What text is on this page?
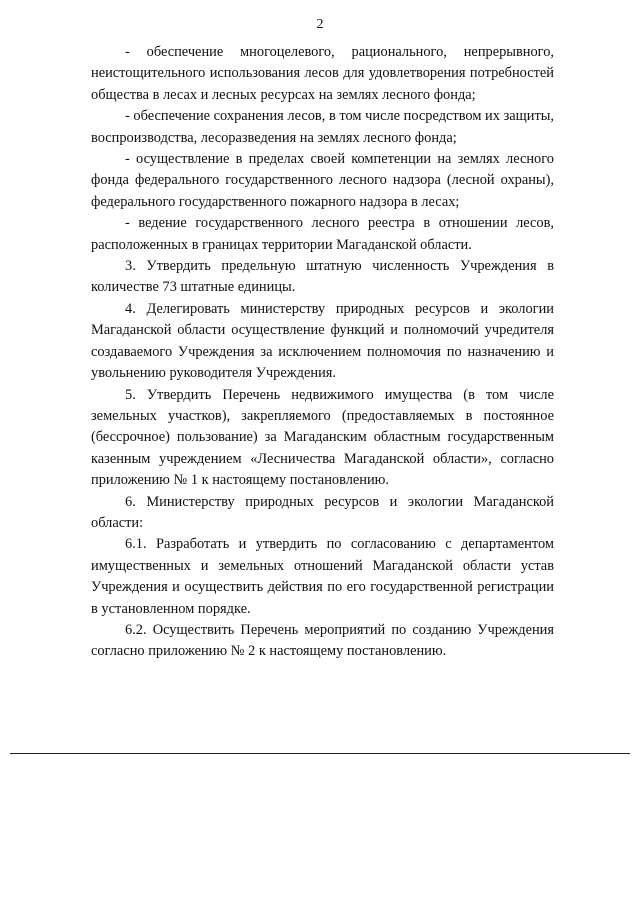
2

- обеспечение многоцелевого, рационального, непрерывного, неистощительного использования лесов для удовлетворения потребностей общества в лесах и лесных ресурсах на землях лесного фонда;

- обеспечение сохранения лесов, в том числе посредством их защиты, воспроизводства, лесоразведения на землях лесного фонда;

- осуществление в пределах своей компетенции на землях лесного фонда федерального государственного лесного надзора (лесной охраны), федерального государственного пожарного надзора в лесах;

- ведение государственного лесного реестра в отношении лесов, расположенных в границах территории Магаданской области.

3. Утвердить предельную штатную численность Учреждения в количестве 73 штатные единицы.

4. Делегировать министерству природных ресурсов и экологии Магаданской области осуществление функций и полномочий учредителя создаваемого Учреждения за исключением полномочия по назначению и увольнению руководителя Учреждения.

5. Утвердить Перечень недвижимого имущества (в том числе земельных участков), закрепляемого (предоставляемых в постоянное (бессрочное) пользование) за Магаданским областным государственным казенным учреждением «Лесничества Магаданской области», согласно приложению № 1 к настоящему постановлению.

6. Министерству природных ресурсов и экологии Магаданской области:

6.1. Разработать и утвердить по согласованию с департаментом имущественных и земельных отношений Магаданской области устав Учреждения и осуществить действия по его государственной регистрации в установленном порядке.

6.2. Осуществить Перечень мероприятий по созданию Учреждения согласно приложению № 2 к настоящему постановлению.
